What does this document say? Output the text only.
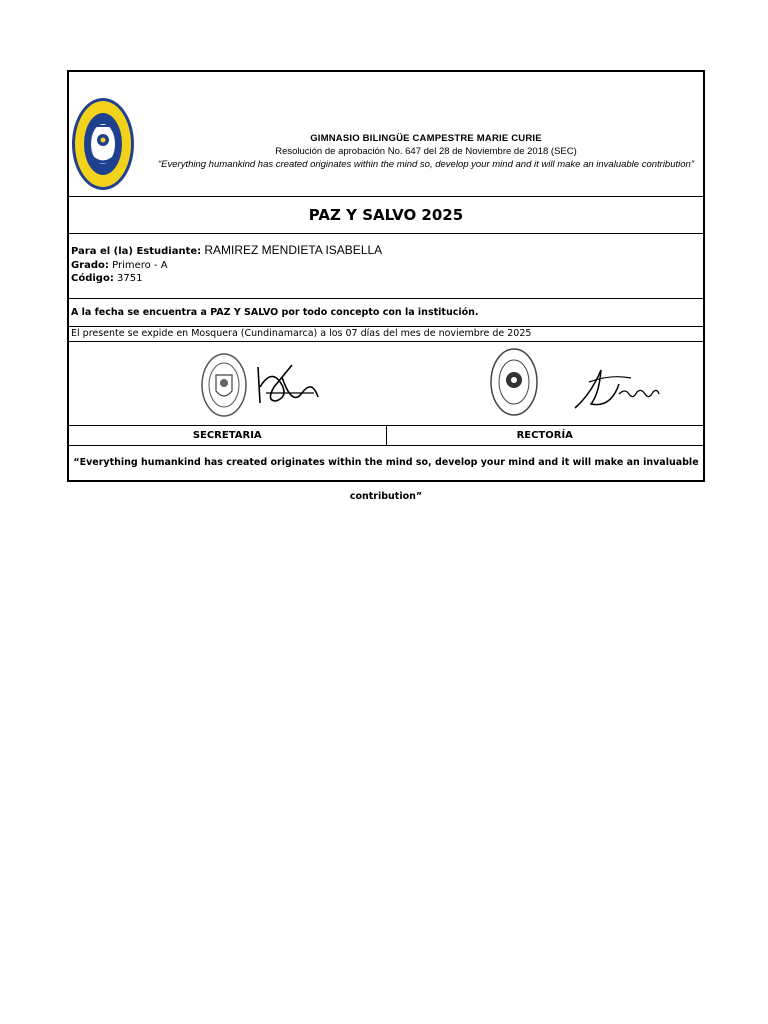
GIMNASIO BILINGÜE CAMPESTRE MARIE CURIE
Resolución de aprobación No. 647 del 28 de Noviembre de 2018 (SEC)
“Everything humankind has created originates within the mind so, develop your mind and it will make an invaluable contribution”
PAZ Y SALVO 2025
Para el (la) Estudiante: RAMIREZ MENDIETA ISABELLA
Grado: Primero - A
Código: 3751
A la fecha se encuentra a PAZ Y SALVO por todo concepto con la institución.
El presente se expide en Mosquera (Cundinamarca) a los 07 días del mes de noviembre de 2025
SECRETARIA	RECTORÍA
“Everything humankind has created originates within the mind so, develop your mind and it will make an invaluable contribution”
